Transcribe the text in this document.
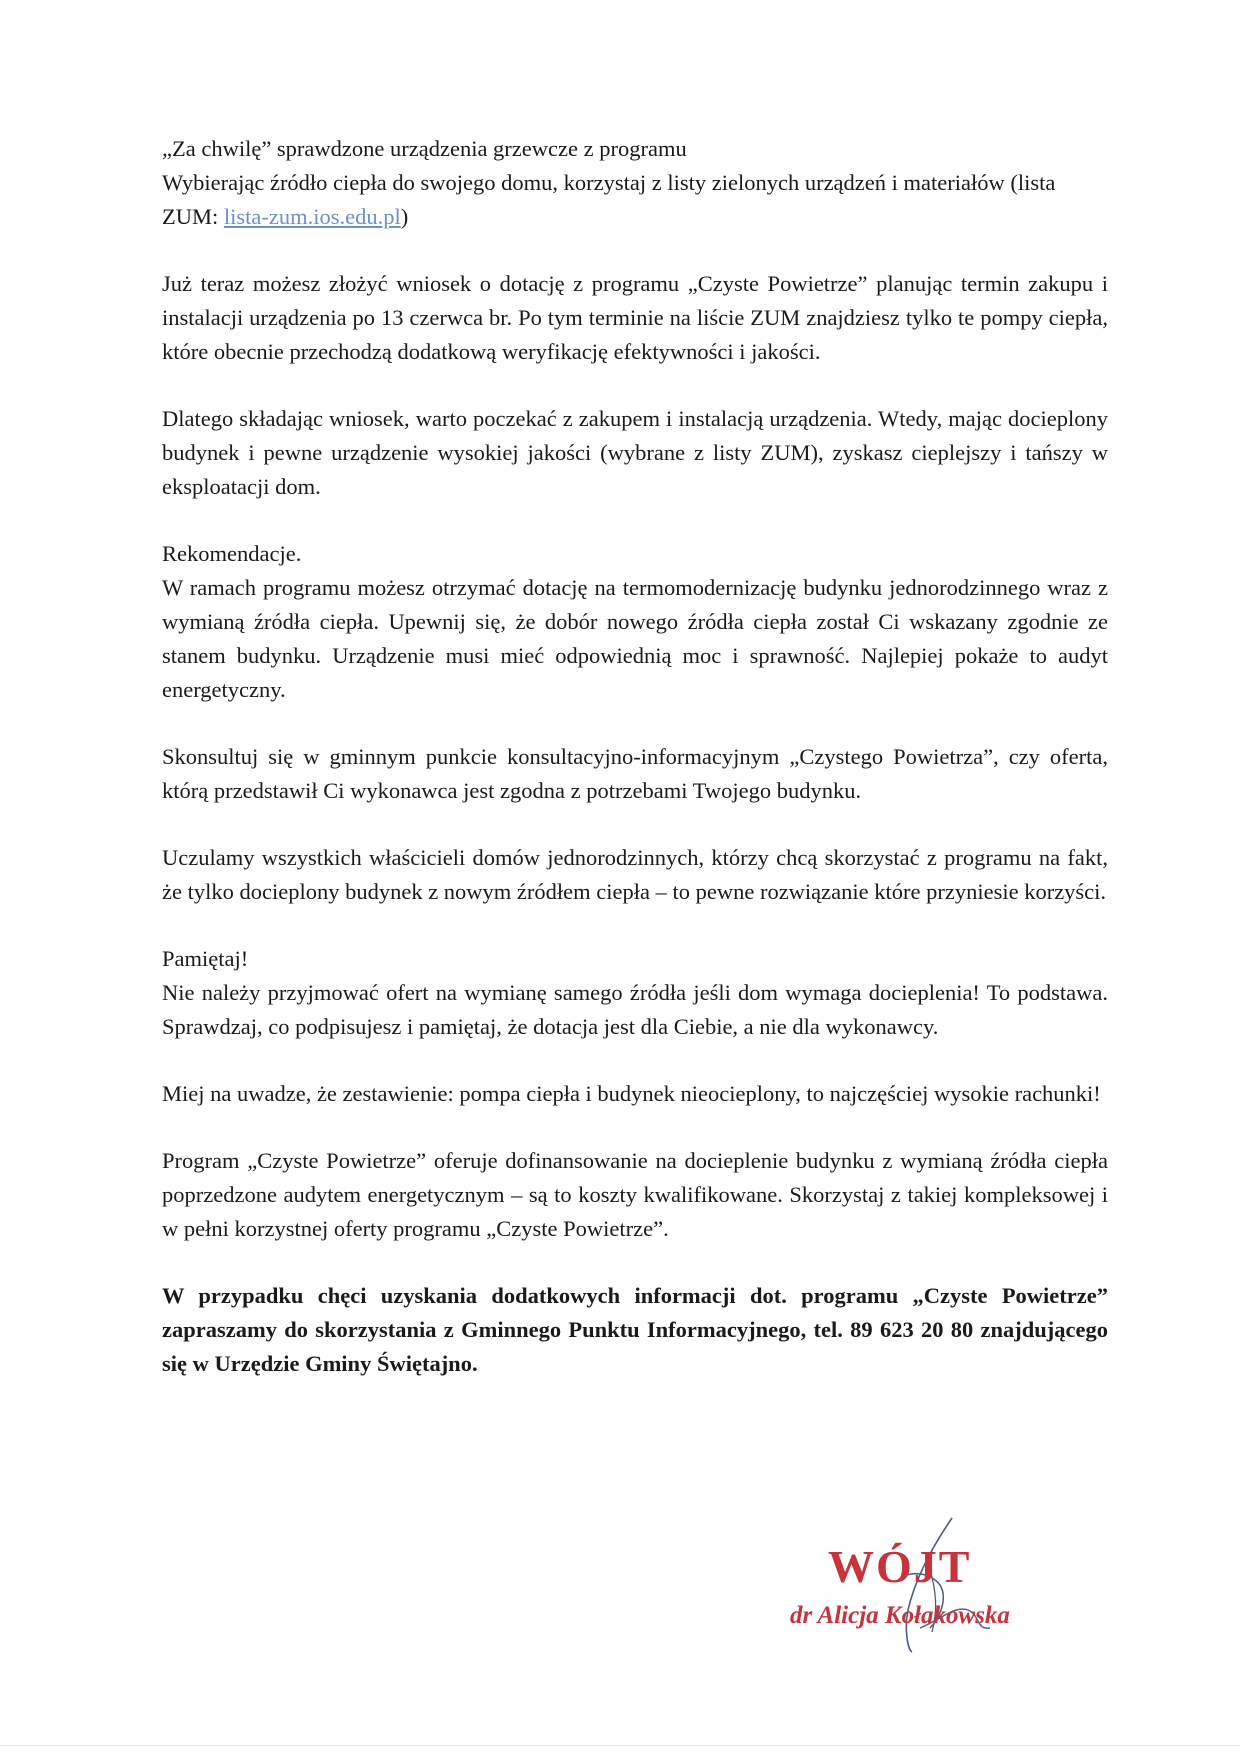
„Za chwilę” sprawdzone urządzenia grzewcze z programu
Wybierając źródło ciepła do swojego domu, korzystaj z listy zielonych urządzeń i materiałów (lista ZUM: lista-zum.ios.edu.pl)

Już teraz możesz złożyć wniosek o dotację z programu „Czyste Powietrze” planując termin zakupu i instalacji urządzenia po 13 czerwca br. Po tym terminie na liście ZUM znajdziesz tylko te pompy ciepła, które obecnie przechodzą dodatkową weryfikację efektywności i jakości.

Dlatego składając wniosek, warto poczekać z zakupem i instalacją urządzenia. Wtedy, mając docieplony budynek i pewne urządzenie wysokiej jakości (wybrane z listy ZUM), zyskasz cieplejszy i tańszy w eksploatacji dom.

Rekomendacje.
W ramach programu możesz otrzymać dotację na termomodernizację budynku jednorodzinnego wraz z wymianą źródła ciepła. Upewnij się, że dobór nowego źródła ciepła został Ci wskazany zgodnie ze stanem budynku. Urządzenie musi mieć odpowiednią moc i sprawność. Najlepiej pokaże to audyt energetyczny.

Skonsultuj się w gminnym punkcie konsultacyjno-informacyjnym „Czystego Powietrza”, czy oferta, którą przedstawił Ci wykonawca jest zgodna z potrzebami Twojego budynku.

Uczulamy wszystkich właścicieli domów jednorodzinnych, którzy chcą skorzystać z programu na fakt, że tylko docieplony budynek z nowym źródłem ciepła – to pewne rozwiązanie które przyniesie korzyści.

Pamiętaj!
Nie należy przyjmować ofert na wymianę samego źródła jeśli dom wymaga docieplenia! To podstawa. Sprawdzaj, co podpisujesz i pamiętaj, że dotacja jest dla Ciebie, a nie dla wykonawcy.

Miej na uwadze, że zestawienie: pompa ciepła i budynek nieocieplony, to najczęściej wysokie rachunki!

Program „Czyste Powietrze” oferuje dofinansowanie na docieplenie budynku z wymianą źródła ciepła poprzedzone audytem energetycznym – są to koszty kwalifikowane. Skorzystaj z takiej kompleksowej i w pełni korzystnej oferty programu „Czyste Powietrze”.

W przypadku chęci uzyskania dodatkowych informacji dot. programu „Czyste Powietrze” zapraszamy do skorzystania z Gminnego Punktu Informacyjnego, tel. 89 623 20 80 znajdującego się w Urzędzie Gminy Świętajno.

WÓJT
dr Alicja Kołakowska
